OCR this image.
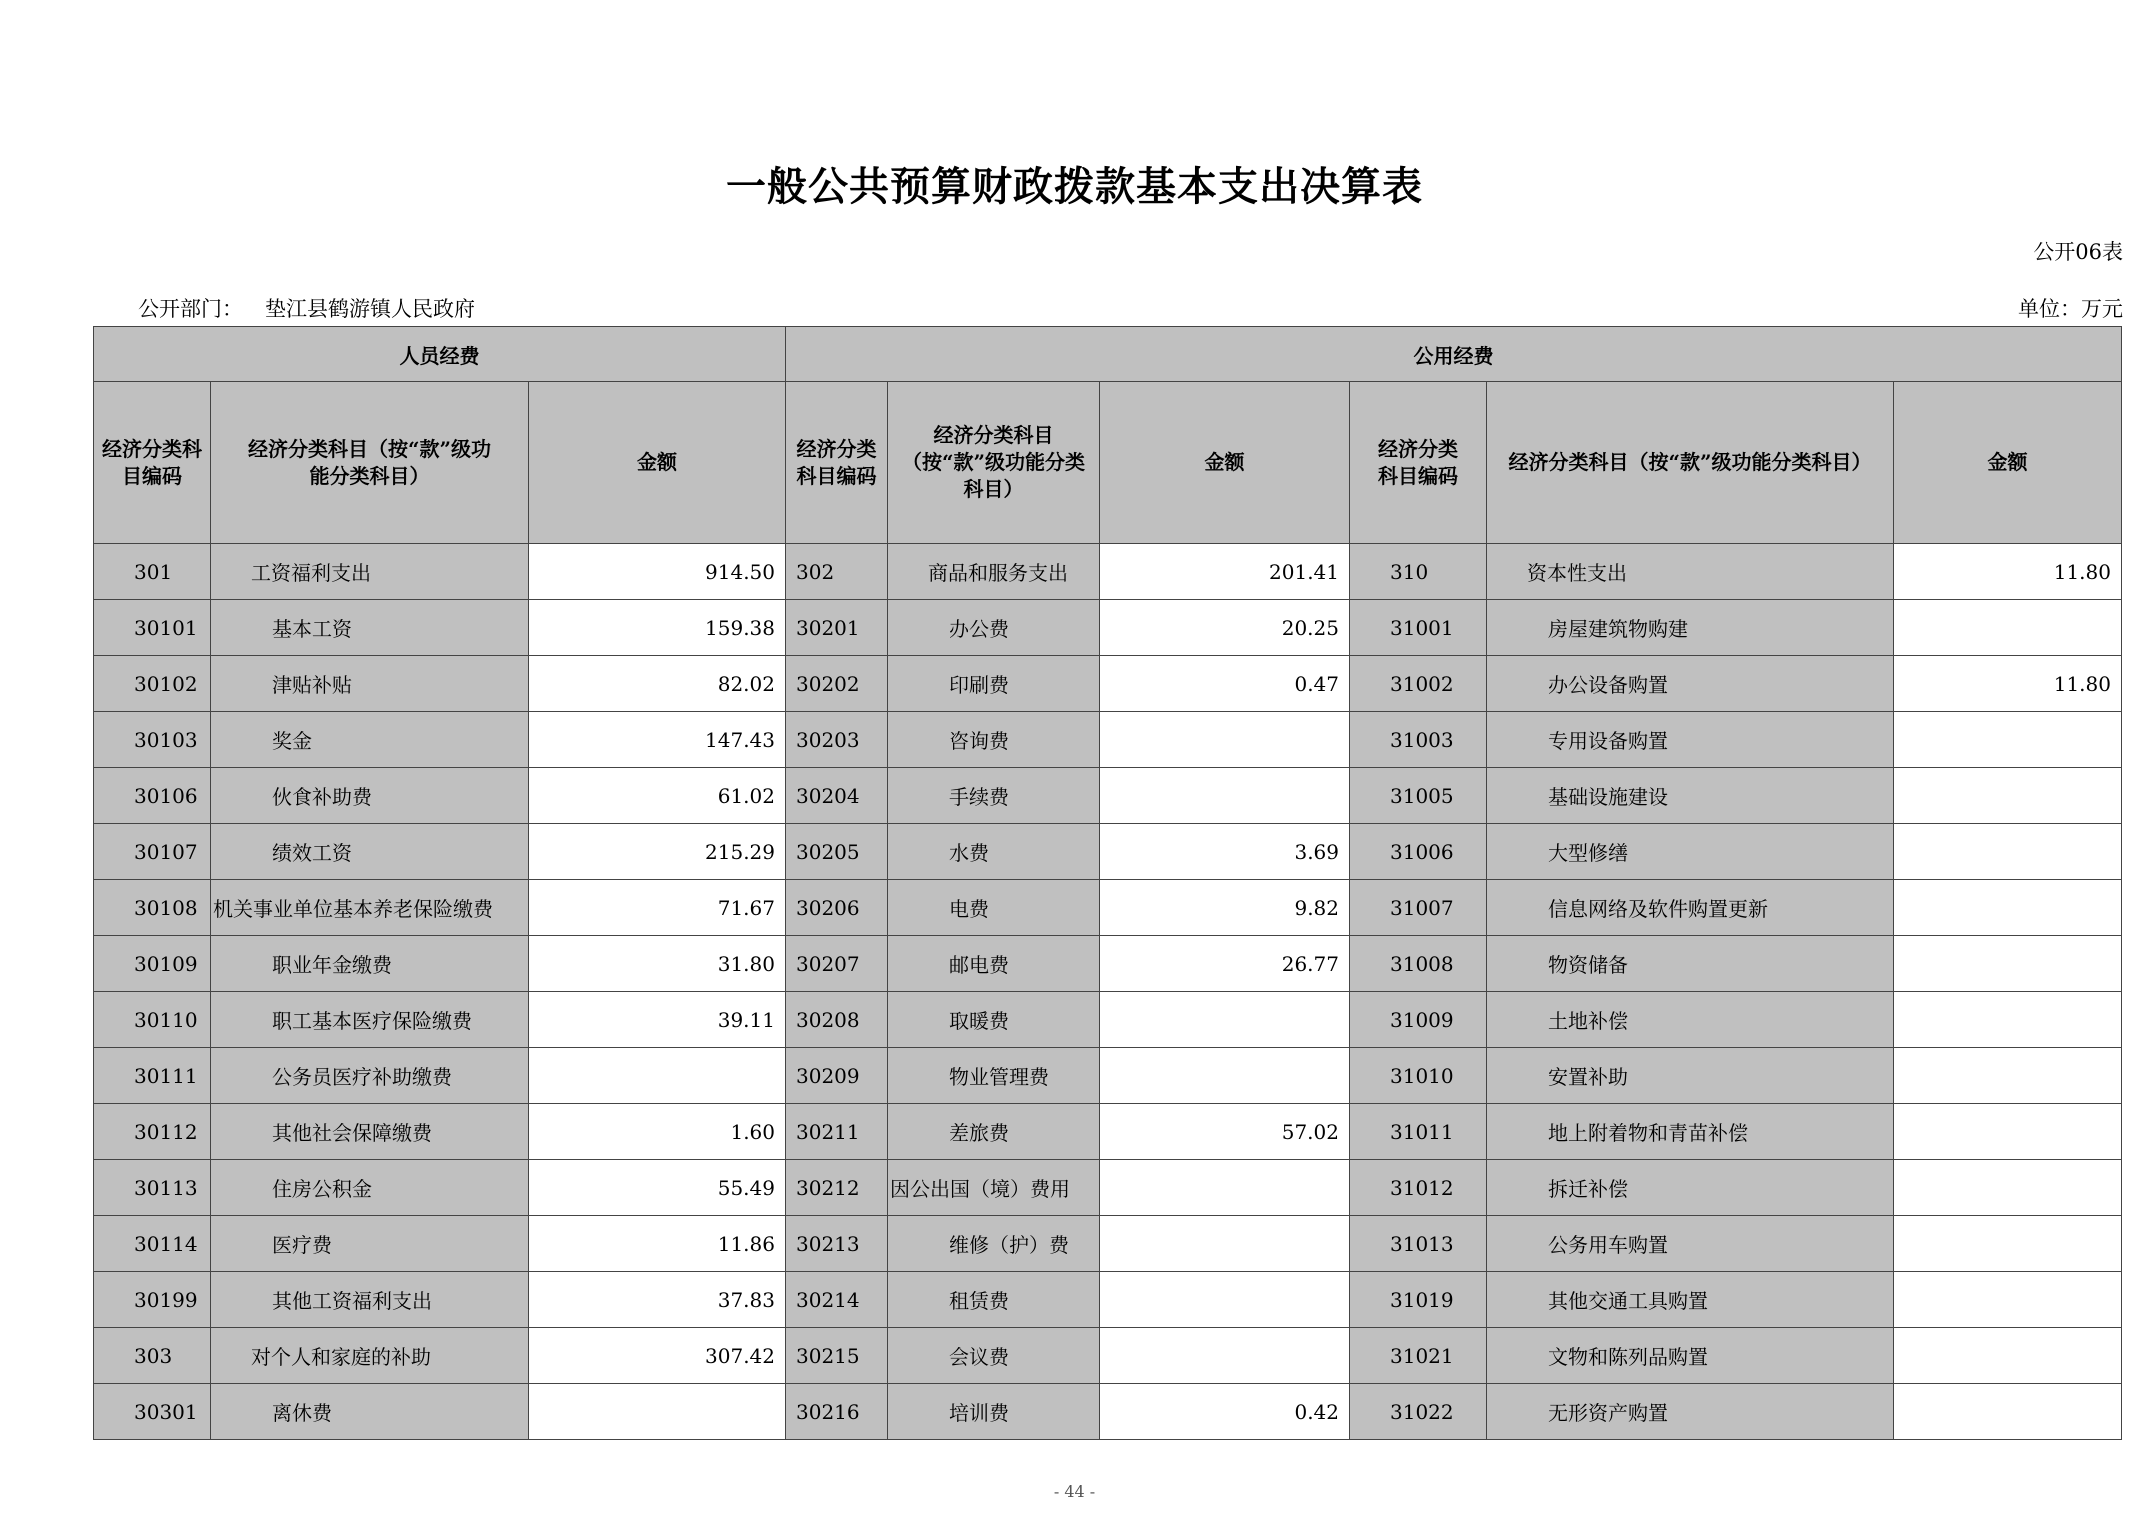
一般公共预算财政拨款基本支出决算表
公开06表
公开部门： 垫江县鹤游镇人民政府	单位：万元
人员经费			公用经费					
经济分类科目编码	经济分类科目（按“款”级功能分类科目）	金额	经济分类科目编码	经济分类科目（按“款”级功能分类科目）	金额	经济分类科目编码	经济分类科目（按“款”级功能分类科目）	金额
301	工资福利支出	914.50	302	商品和服务支出	201.41	310	资本性支出	11.80
30101	基本工资	159.38	30201	办公费	20.25	31001	房屋建筑物购建	
30102	津贴补贴	82.02	30202	印刷费	0.47	31002	办公设备购置	11.80
30103	奖金	147.43	30203	咨询费		31003	专用设备购置	
30106	伙食补助费	61.02	30204	手续费		31005	基础设施建设	
30107	绩效工资	215.29	30205	水费	3.69	31006	大型修缮	
30108	机关事业单位基本养老保险缴费	71.67	30206	电费	9.82	31007	信息网络及软件购置更新	
30109	职业年金缴费	31.80	30207	邮电费	26.77	31008	物资储备	
30110	职工基本医疗保险缴费	39.11	30208	取暖费		31009	土地补偿	
30111	公务员医疗补助缴费		30209	物业管理费		31010	安置补助	
30112	其他社会保障缴费	1.60	30211	差旅费	57.02	31011	地上附着物和青苗补偿	
30113	住房公积金	55.49	30212	因公出国（境）费用		31012	拆迁补偿	
30114	医疗费	11.86	30213	维修（护）费		31013	公务用车购置	
30199	其他工资福利支出	37.83	30214	租赁费		31019	其他交通工具购置	
303	对个人和家庭的补助	307.42	30215	会议费		31021	文物和陈列品购置	
30301	离休费		30216	培训费	0.42	31022	无形资产购置	
- 44 -
